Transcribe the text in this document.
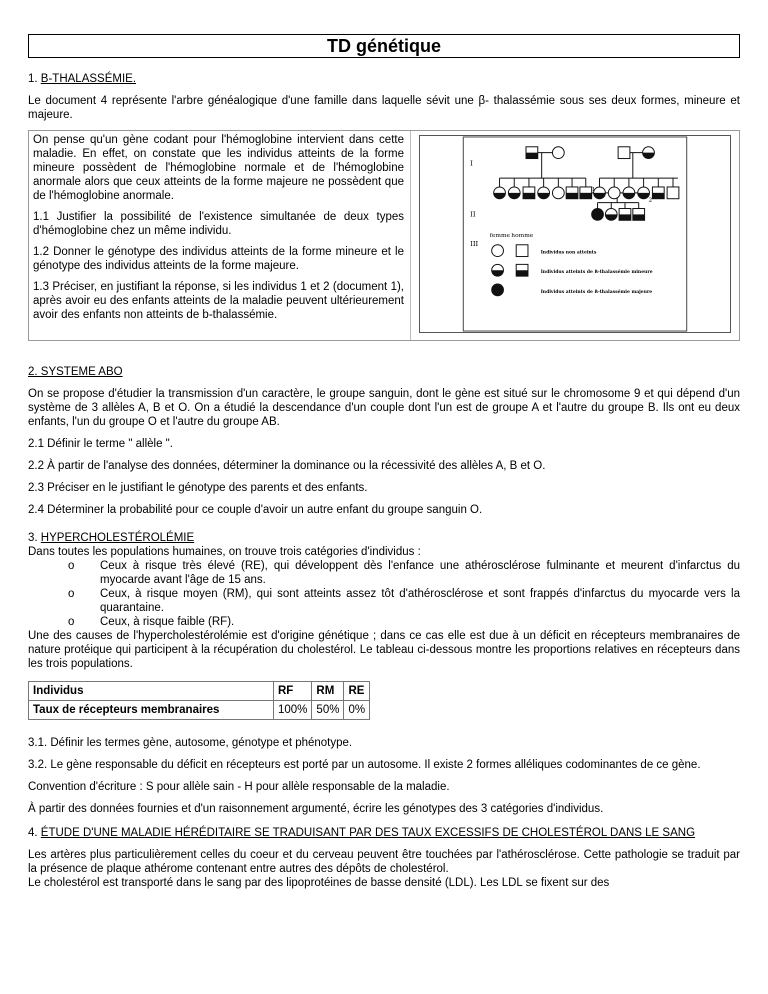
TD génétique
1. B-THALASSÉMIE.

Le document 4 représente l'arbre généalogique d'une famille dans laquelle sévit une β- thalassémie sous ses deux formes, mineure et majeure.

On pense qu'un gène codant pour l'hémoglobine intervient dans cette maladie. En effet, on constate que les individus atteints de la forme mineure possèdent de l'hémoglobine normale et de l'hémoglobine anormale alors que ceux atteints de la forme majeure ne possèdent que de l'hémoglobine anormale.

1.1 Justifier la possibilité de l'existence simultanée de deux types d'hémoglobine chez un même individu.

1.2 Donner le génotype des individus atteints de la forme mineure et le génotype des individus atteints de la forme majeure.

1.3 Préciser, en justifiant la réponse, si les individus 1 et 2 (document 1), après avoir eu des enfants atteints de la maladie peuvent ultérieurement avoir des enfants non atteints de b-thalassémie.

I
II
III
1
2
femme homme
Individus non atteints
Individus atteints de ß-thalassémie mineure
Individus atteints de ß-thalassémie majeure
2. SYSTEME ABO

On se propose d'étudier la transmission d'un caractère, le groupe sanguin, dont le gène est situé sur le chromosome 9 et qui dépend d'un système de 3 allèles A, B et O. On a étudié la descendance d'un couple dont l'un est de groupe A et l'autre du groupe B. Ils ont eu deux enfants, l'un du groupe O et l'autre du groupe AB.

2.1 Définir le terme " allèle ".

2.2 À partir de l'analyse des données, déterminer la dominance ou la récessivité des allèles A, B et O.

2.3 Préciser en le justifiant le génotype des parents et des enfants.

2.4 Déterminer la probabilité pour ce couple d'avoir un autre enfant du groupe sanguin O.

3. HYPERCHOLESTÉROLÉMIE

Dans toutes les populations humaines, on trouve trois catégories d'individus :

o Ceux à risque très élevé (RE), qui développent dès l'enfance une athérosclérose fulminante et meurent d'infarctus du myocarde avant l'âge de 15 ans.
o Ceux, à risque moyen (RM), qui sont atteints assez tôt d'athérosclérose et sont frappés d'infarctus du myocarde vers la quarantaine.
o Ceux, à risque faible (RF).

Une des causes de l'hypercholestérolémie est d'origine génétique ; dans ce cas elle est due à un déficit en récepteurs membranaires de nature protéique qui participent à la récupération du cholestérol. Le tableau ci-dessous montre les proportions relatives en récepteurs dans les trois populations.

Individus	RF	RM	RE
Taux de récepteurs membranaires	100%	50%	0%

3.1. Définir les termes gène, autosome, génotype et phénotype.

3.2. Le gène responsable du déficit en récepteurs est porté par un autosome. Il existe 2 formes alléliques codominantes de ce gène.

Convention d'écriture : S pour allèle sain - H pour allèle responsable de la maladie.

À partir des données fournies et d'un raisonnement argumenté, écrire les génotypes des 3 catégories d'individus.

4. ÉTUDE D'UNE MALADIE HÉRÉDITAIRE SE TRADUISANT PAR DES TAUX EXCESSIFS DE CHOLESTÉROL DANS LE SANG

Les artères plus particulièrement celles du coeur et du cerveau peuvent être touchées par l'athérosclérose. Cette pathologie se traduit par la présence de plaque athérome contenant entre autres des dépôts de cholestérol.

Le cholestérol est transporté dans le sang par des lipoprotéines de basse densité (LDL). Les LDL se fixent sur des
